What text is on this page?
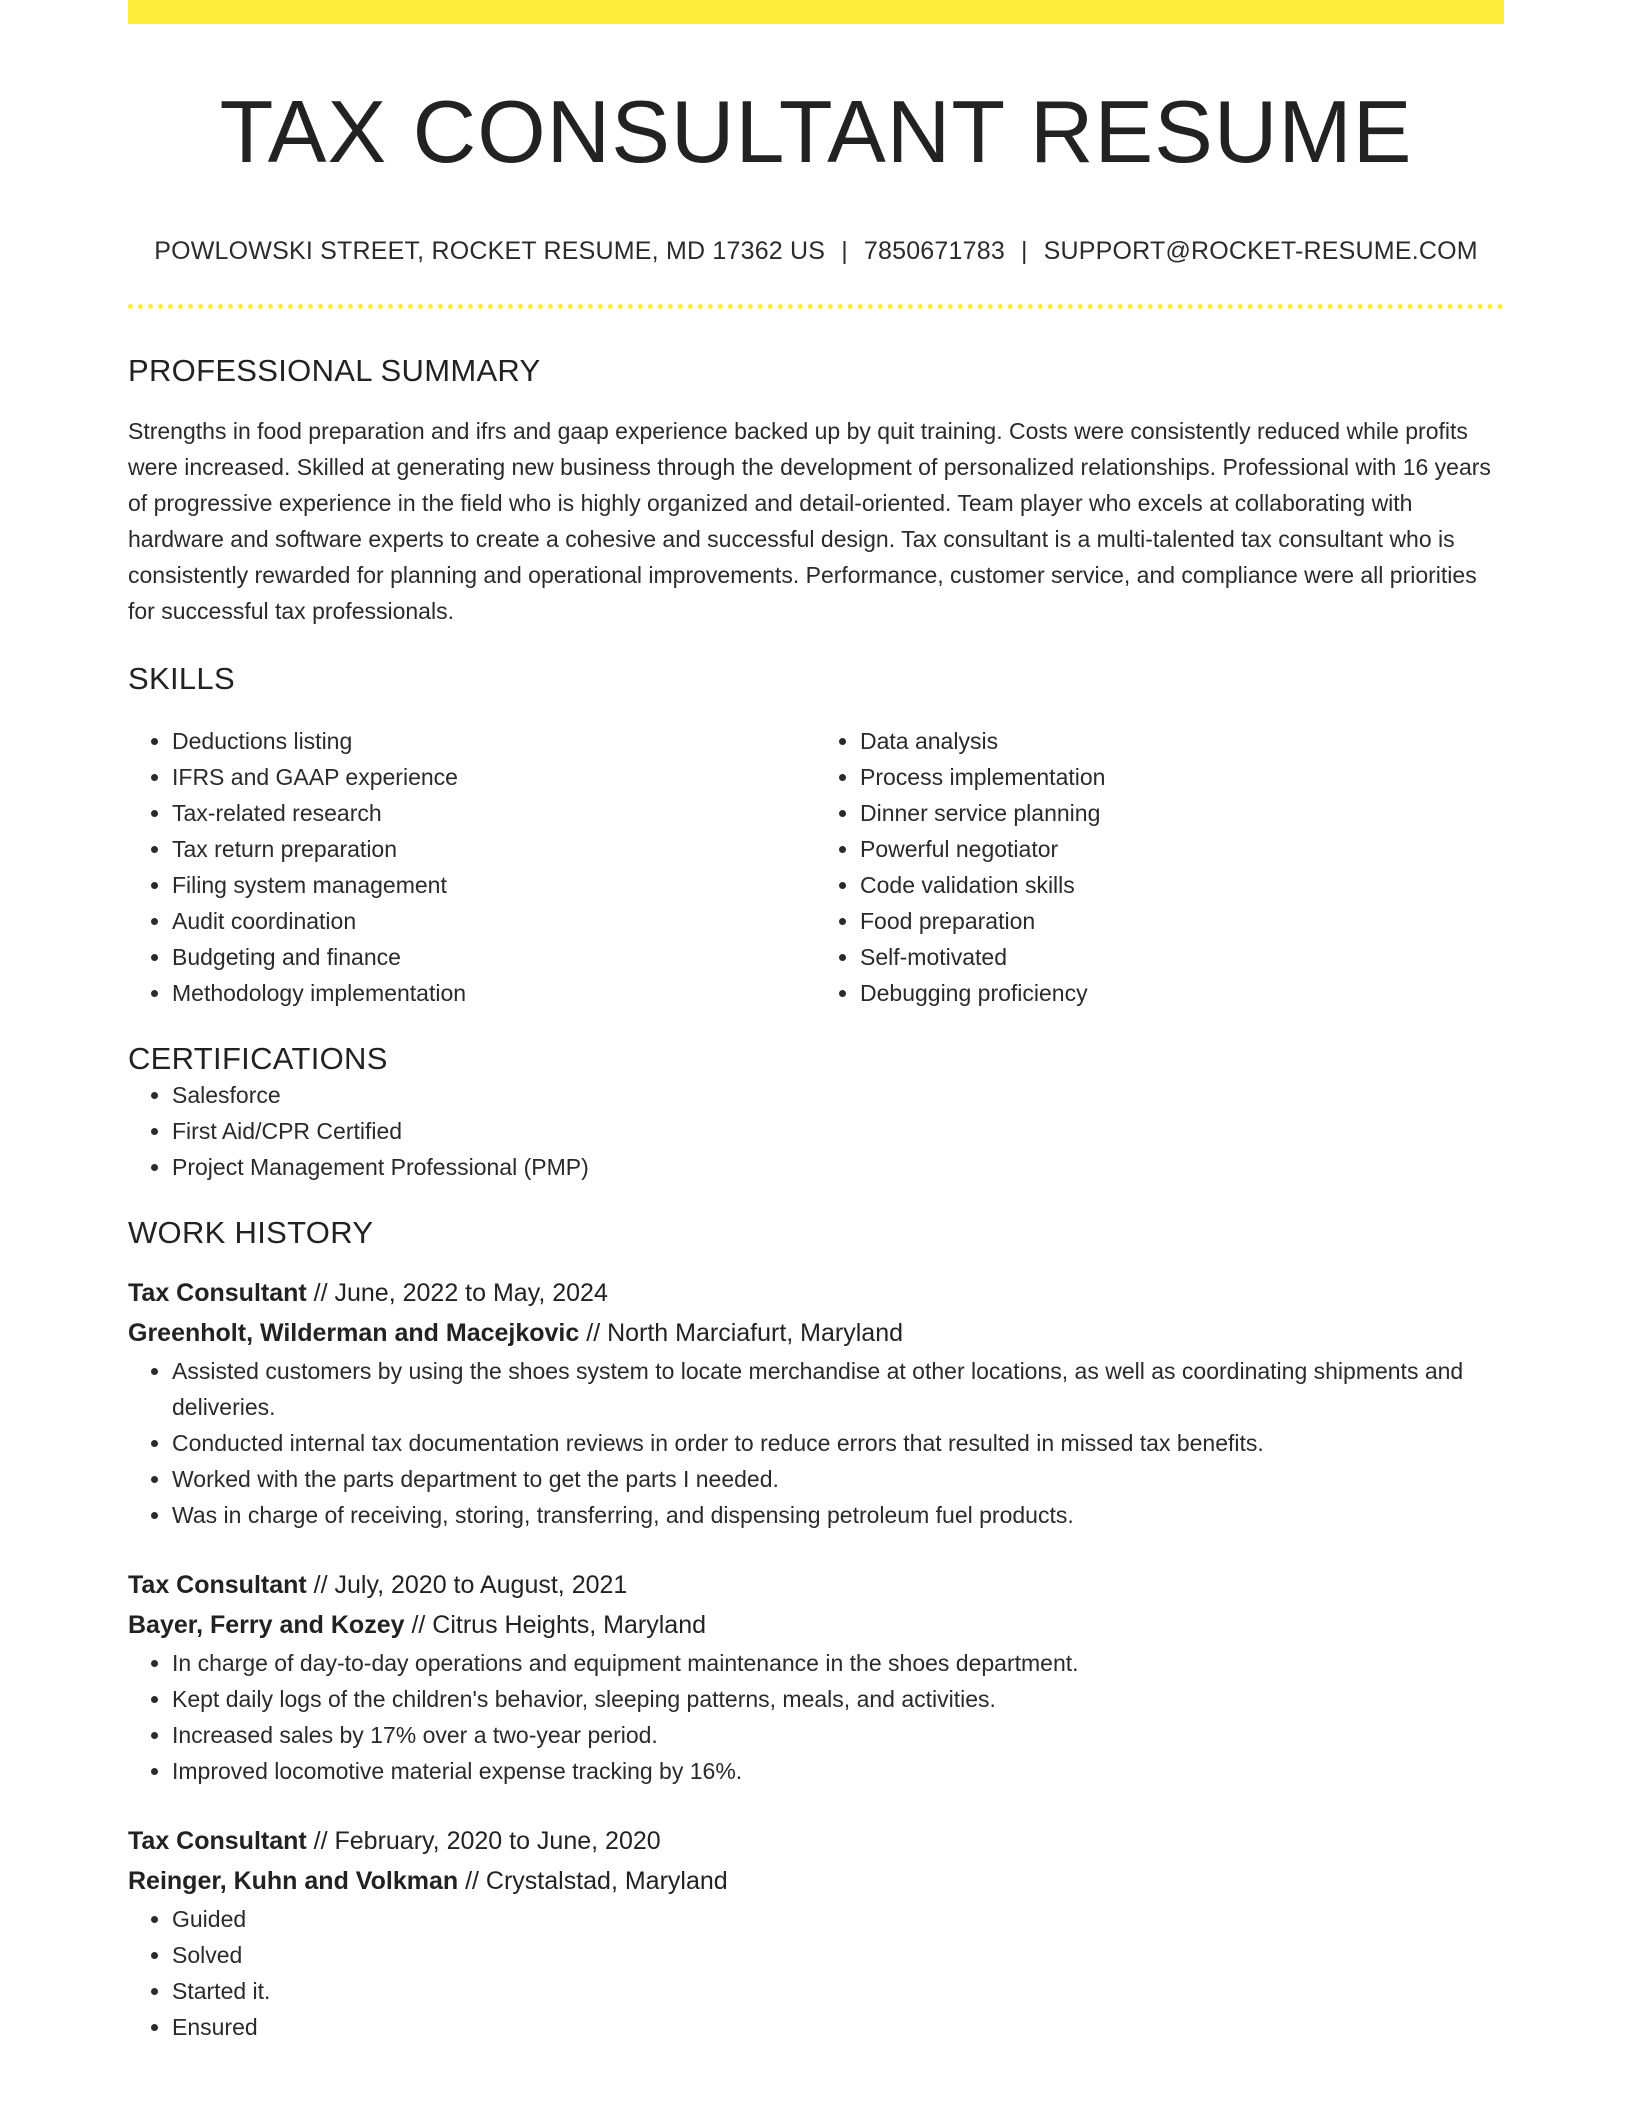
TAX CONSULTANT RESUME
POWLOWSKI STREET, ROCKET RESUME, MD 17362 US | 7850671783 | SUPPORT@ROCKET-RESUME.COM
PROFESSIONAL SUMMARY
Strengths in food preparation and ifrs and gaap experience backed up by quit training. Costs were consistently reduced while profits were increased. Skilled at generating new business through the development of personalized relationships. Professional with 16 years of progressive experience in the field who is highly organized and detail-oriented. Team player who excels at collaborating with hardware and software experts to create a cohesive and successful design. Tax consultant is a multi-talented tax consultant who is consistently rewarded for planning and operational improvements. Performance, customer service, and compliance were all priorities for successful tax professionals.
SKILLS
• Deductions listing
• IFRS and GAAP experience
• Tax-related research
• Tax return preparation
• Filing system management
• Audit coordination
• Budgeting and finance
• Methodology implementation
• Data analysis
• Process implementation
• Dinner service planning
• Powerful negotiator
• Code validation skills
• Food preparation
• Self-motivated
• Debugging proficiency
CERTIFICATIONS
• Salesforce
• First Aid/CPR Certified
• Project Management Professional (PMP)
WORK HISTORY
Tax Consultant // June, 2022 to May, 2024
Greenholt, Wilderman and Macejkovic // North Marciafurt, Maryland
• Assisted customers by using the shoes system to locate merchandise at other locations, as well as coordinating shipments and deliveries.
• Conducted internal tax documentation reviews in order to reduce errors that resulted in missed tax benefits.
• Worked with the parts department to get the parts I needed.
• Was in charge of receiving, storing, transferring, and dispensing petroleum fuel products.
Tax Consultant // July, 2020 to August, 2021
Bayer, Ferry and Kozey // Citrus Heights, Maryland
• In charge of day-to-day operations and equipment maintenance in the shoes department.
• Kept daily logs of the children's behavior, sleeping patterns, meals, and activities.
• Increased sales by 17% over a two-year period.
• Improved locomotive material expense tracking by 16%.
Tax Consultant // February, 2020 to June, 2020
Reinger, Kuhn and Volkman // Crystalstad, Maryland
• Guided
• Solved
• Started it.
• Ensured
